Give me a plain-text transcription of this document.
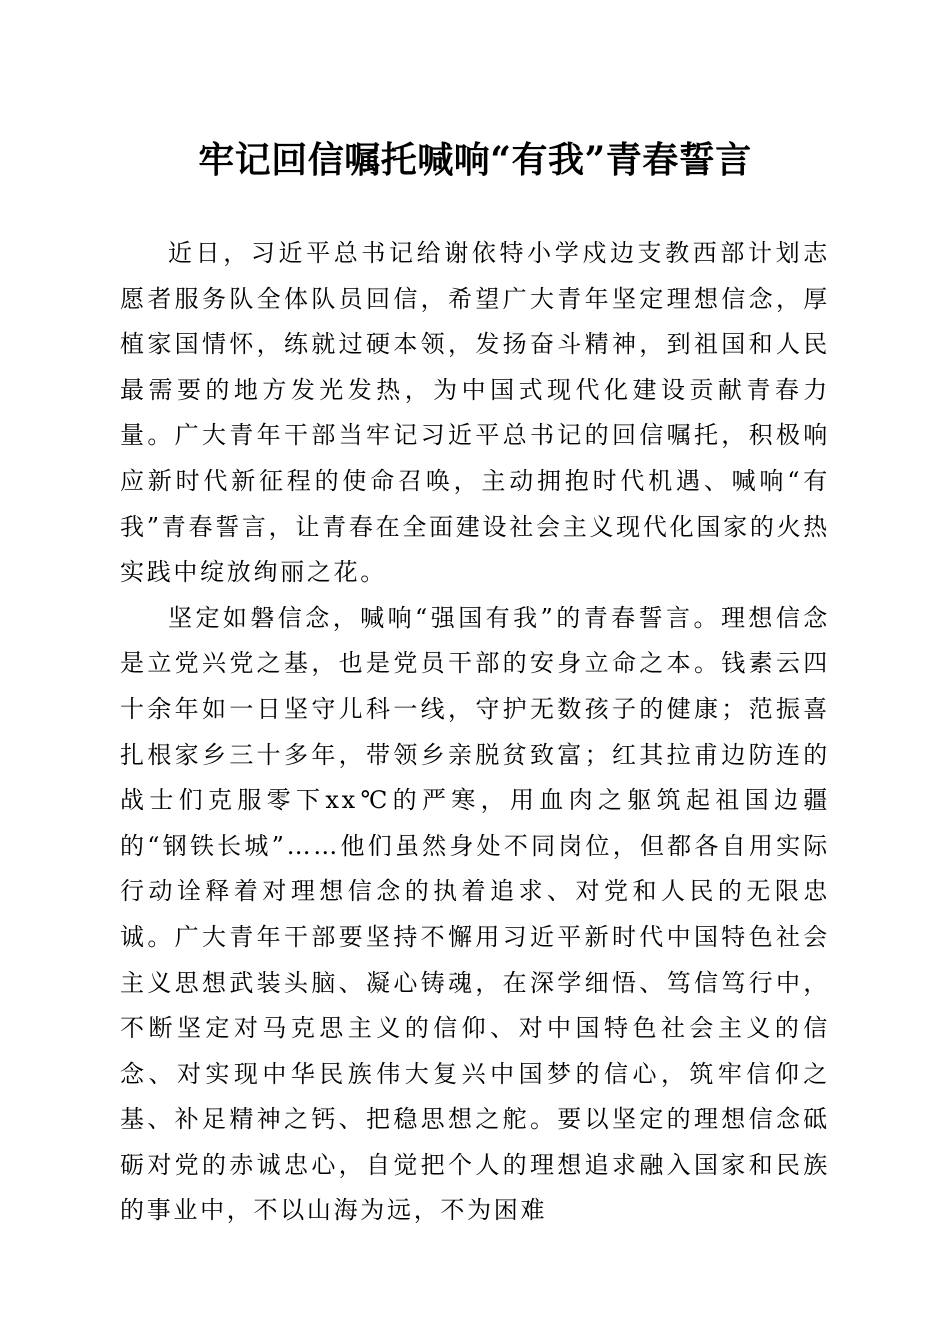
牢记回信嘱托喊响“有我”青春誓言

近日，习近平总书记给谢依特小学戍边支教西部计划志愿者服务队全体队员回信，希望广大青年坚定理想信念，厚植家国情怀，练就过硬本领，发扬奋斗精神，到祖国和人民最需要的地方发光发热，为中国式现代化建设贡献青春力量。广大青年干部当牢记习近平总书记的回信嘱托，积极响应新时代新征程的使命召唤，主动拥抱时代机遇、喊响“有我”青春誓言，让青春在全面建设社会主义现代化国家的火热实践中绽放绚丽之花。

坚定如磐信念，喊响“强国有我”的青春誓言。理想信念是立党兴党之基，也是党员干部的安身立命之本。钱素云四十余年如一日坚守儿科一线，守护无数孩子的健康；范振喜扎根家乡三十多年，带领乡亲脱贫致富；红其拉甫边防连的战士们克服零下xx℃的严寒，用血肉之躯筑起祖国边疆的“钢铁长城”……他们虽然身处不同岗位，但都各自用实际行动诠释着对理想信念的执着追求、对党和人民的无限忠诚。广大青年干部要坚持不懈用习近平新时代中国特色社会主义思想武装头脑、凝心铸魂，在深学细悟、笃信笃行中，不断坚定对马克思主义的信仰、对中国特色社会主义的信念、对实现中华民族伟大复兴中国梦的信心，筑牢信仰之基、补足精神之钙、把稳思想之舵。要以坚定的理想信念砥砺对党的赤诚忠心，自觉把个人的理想追求融入国家和民族的事业中，不以山海为远，不为困难
